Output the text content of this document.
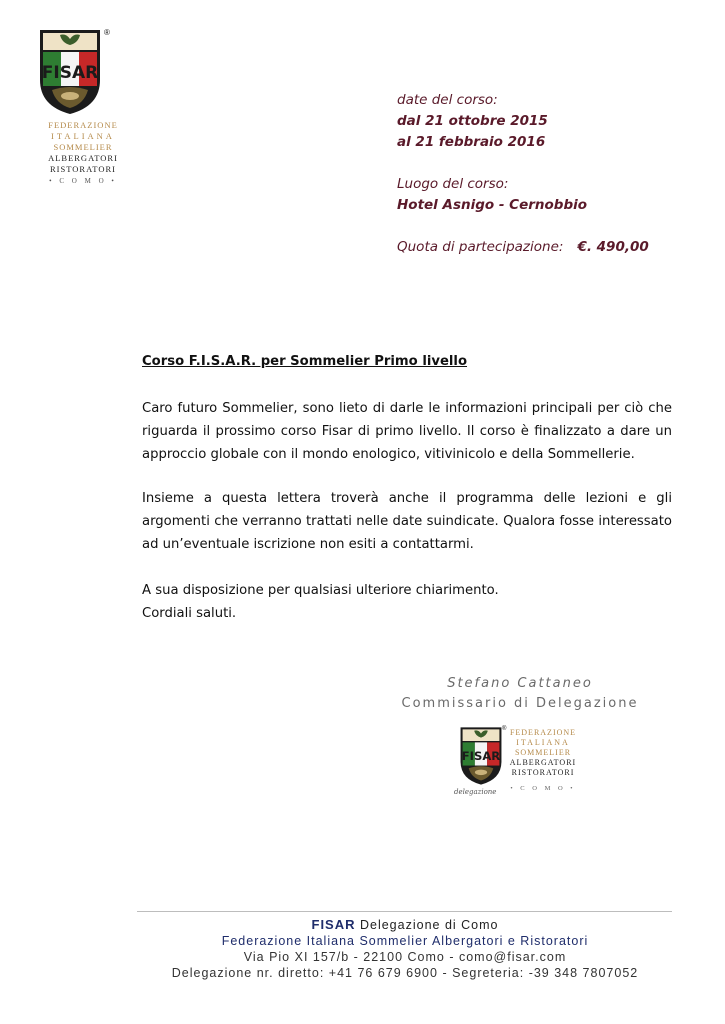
FISAR
®
FEDERAZIONE
ITALIANA
SOMMELIER
ALBERGATORI
RISTORATORI
• C O M O •
date del corso:
dal 21 ottobre 2015
al 21 febbraio 2016
Luogo del corso:
Hotel Asnigo - Cernobbio
Quota di partecipazione: €. 490,00
Corso F.I.S.A.R. per Sommelier Primo livello
Caro futuro Sommelier, sono lieto di darle le informazioni principali per ciò che riguarda il prossimo corso Fisar di primo livello. Il corso è finalizzato a dare un approccio globale con il mondo enologico, vitivinicolo e della Sommellerie.
Insieme a questa lettera troverà anche il programma delle lezioni e gli argomenti che verranno trattati nelle date suindicate. Qualora fosse interessato ad un’eventuale iscrizione non esiti a contattarmi.
A sua disposizione per qualsiasi ulteriore chiarimento.
Cordiali saluti.
Stefano Cattaneo
Commissario di Delegazione
FISAR
® FEDERAZIONE
ITALIANA
SOMMELIER
ALBERGATORI
RISTORATORI
• C O M O •
delegazione
FISAR Delegazione di Como
Federazione Italiana Sommelier Albergatori e Ristoratori
Via Pio XI 157/b - 22100 Como - como@fisar.com
Delegazione nr. diretto: +41 76 679 6900 - Segreteria: -39 348 7807052
